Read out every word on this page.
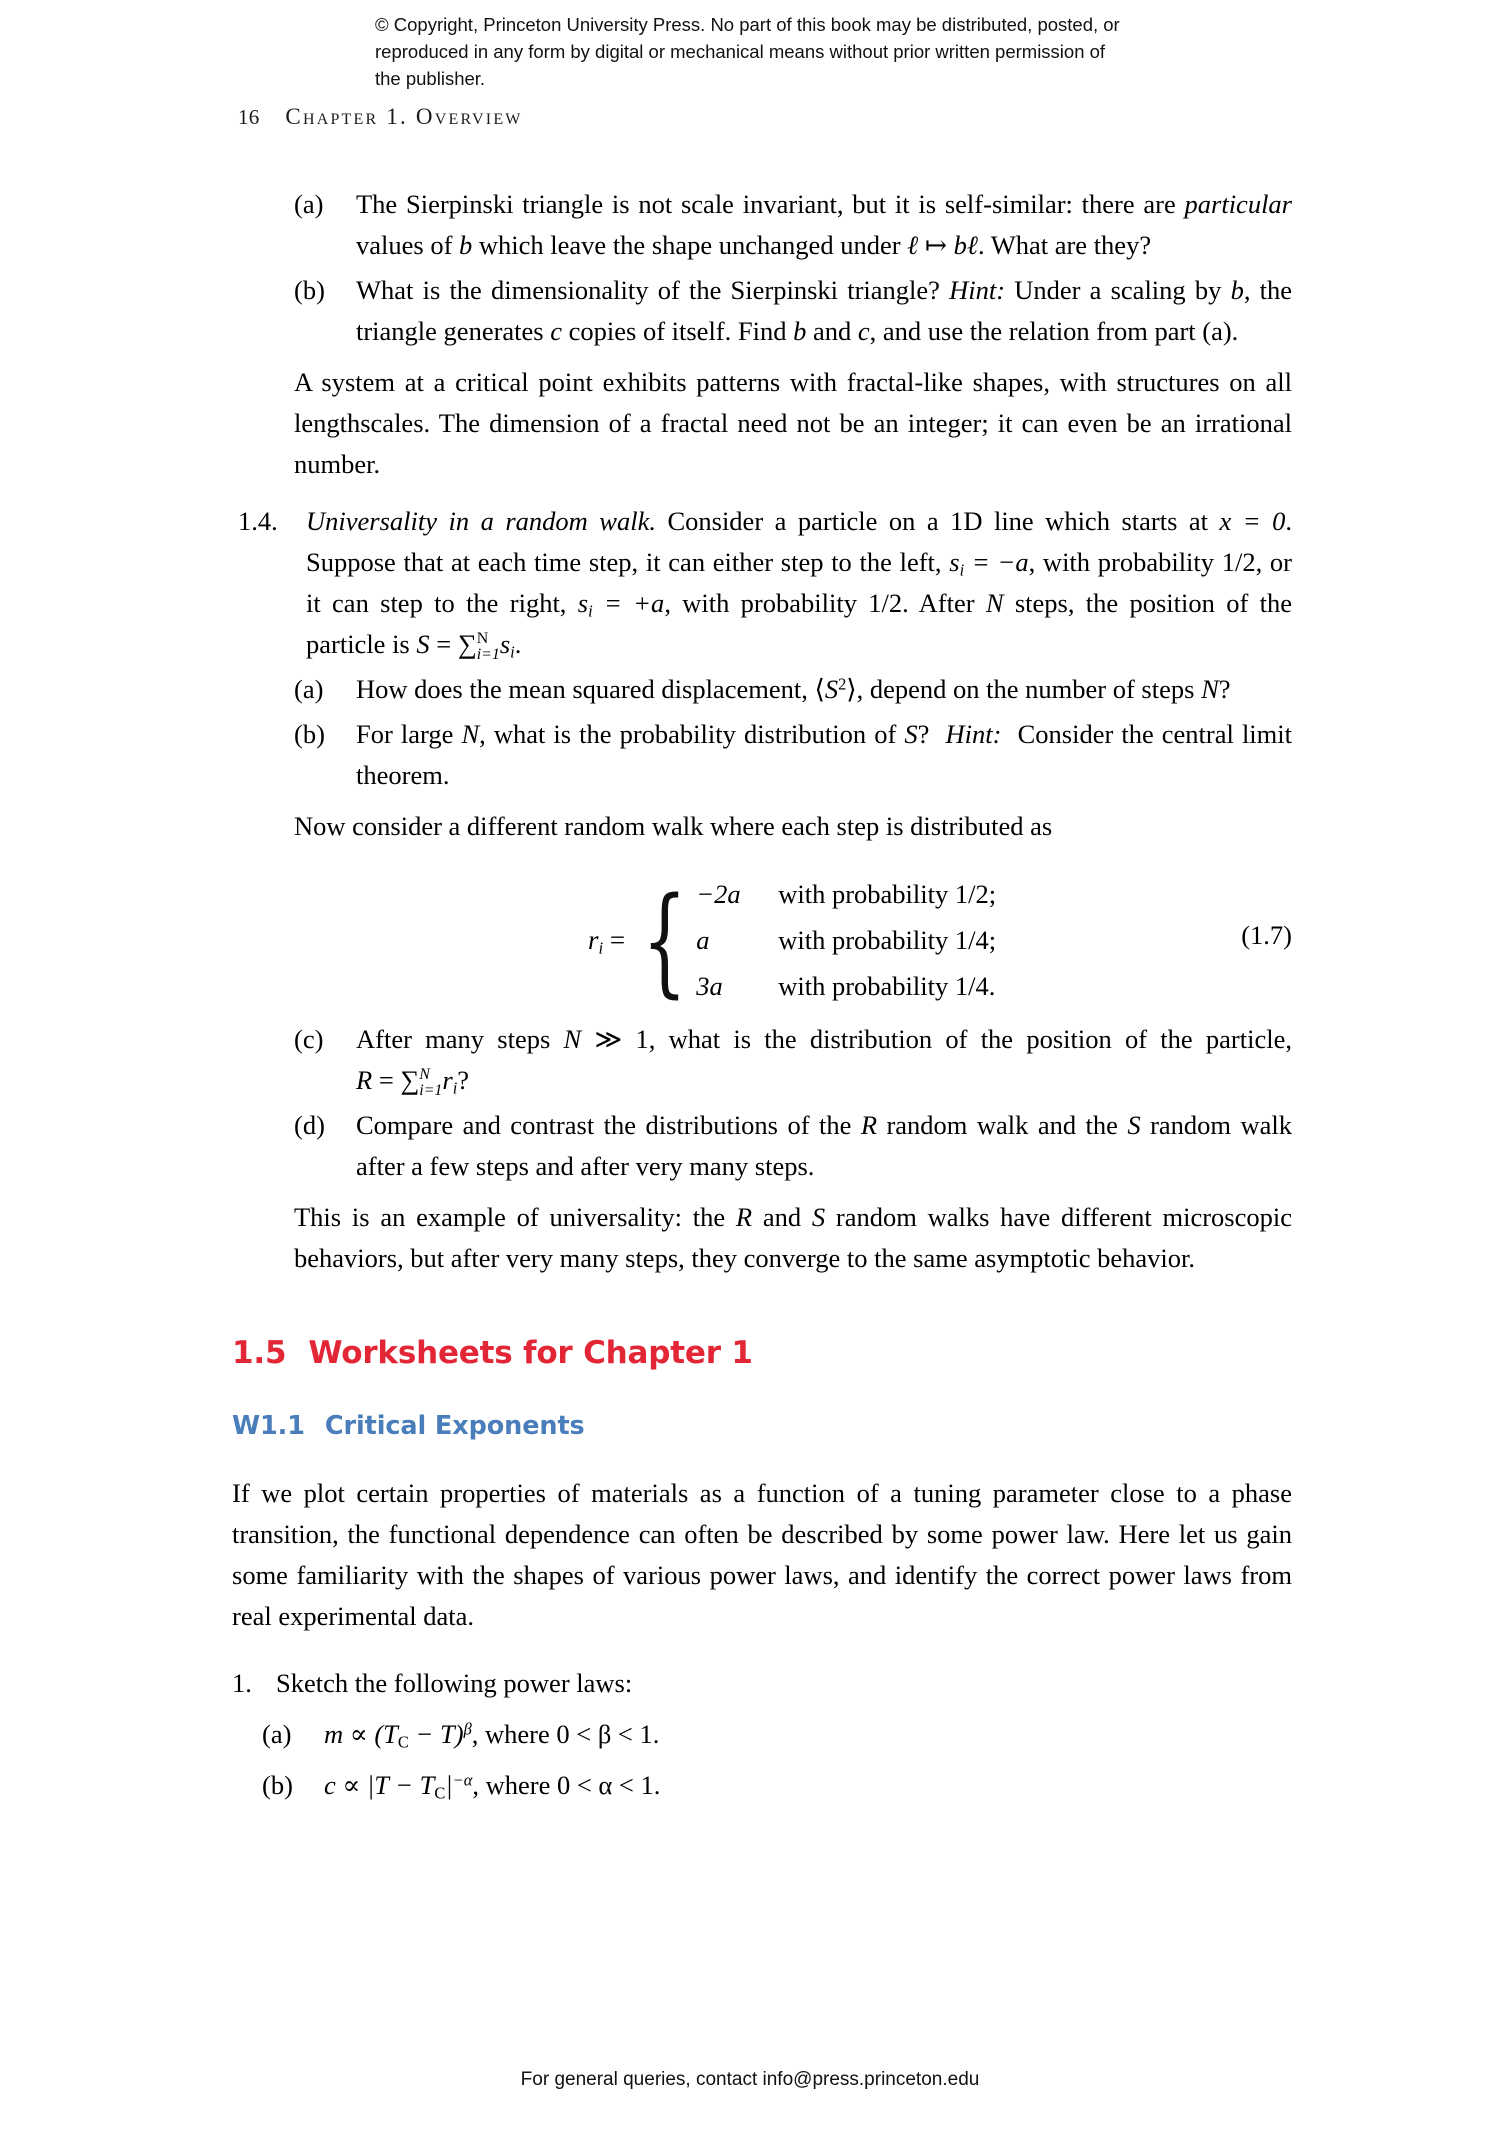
© Copyright, Princeton University Press. No part of this book may be distributed, posted, or reproduced in any form by digital or mechanical means without prior written permission of the publisher.
16 Chapter 1. Overview
(a)	The Sierpinski triangle is not scale invariant, but it is self-similar: there are particular values of b which leave the shape unchanged under ℓ ↦ bℓ. What are they?
(b)	What is the dimensionality of the Sierpinski triangle? Hint: Under a scaling by b, the triangle generates c copies of itself. Find b and c, and use the relation from part (a).
A system at a critical point exhibits patterns with fractal-like shapes, with structures on all lengthscales. The dimension of a fractal need not be an integer; it can even be an irrational number.
1.4.	Universality in a random walk. Consider a particle on a 1D line which starts at x = 0. Suppose that at each time step, it can either step to the left, $s_i = -a$, with probability 1/2, or it can step to the right, $s_i = +a$, with probability 1/2. After N steps, the position of the particle is S = ∑ N
i=1 $s_i$.
(a)	How does the mean squared displacement, $⟨S^2⟩$, depend on the number of steps N?
(b)	For large N, what is the probability distribution of S?  Hint:  Consider the central limit theorem.
Now consider a different random walk where each step is distributed as
$r_i$ = { −2a	with probability 1/2;
a	with probability 1/4;
3a	with probability 1/4.
(1.7)
(c)	After many steps N ≫ 1, what is the distribution of the position of the particle, R = ∑ N
i=1 $r_i$?
(d)	Compare and contrast the distributions of the R random walk and the S random walk after a few steps and after very many steps.
This is an example of universality: the R and S random walks have different microscopic behaviors, but after very many steps, they converge to the same asymptotic behavior.
1.5 Worksheets for Chapter 1
W1.1 Critical Exponents
If we plot certain properties of materials as a function of a tuning parameter close to a phase transition, the functional dependence can often be described by some power law. Here let us gain some familiarity with the shapes of various power laws, and identify the correct power laws from real experimental data.
1. Sketch the following power laws:
(a)	$m \propto (T_C - T)^\beta$, where 0 < β < 1.
(b)	$c \propto |T - T_C|^{-\alpha}$, where 0 < α < 1.
For general queries, contact info@press.princeton.edu
